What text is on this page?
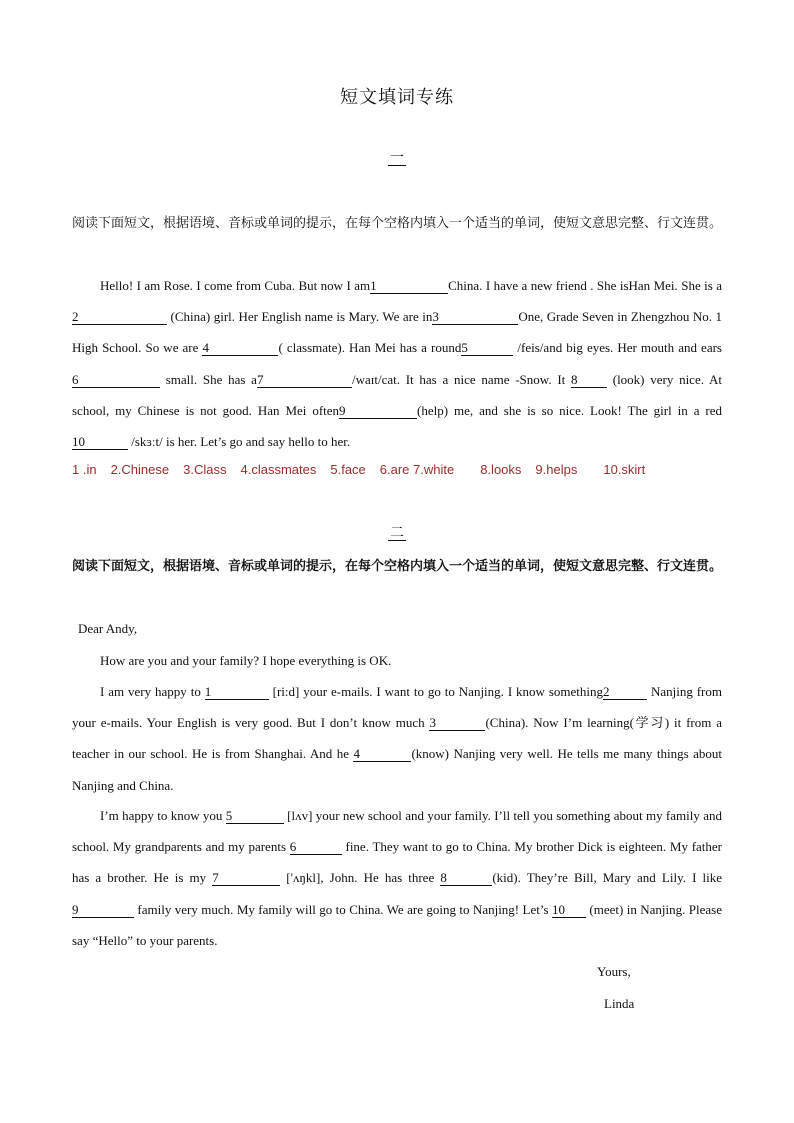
短文填词专练
一
阅读下面短文，根据语境、音标或单词的提示，在每个空格内填入一个适当的单词，使短文意思完整、行文连贯。
Hello! I am Rose. I come from Cuba. But now I am1	China. I have a new friend . She isHan Mei. She is a2	(China) girl. Her English name is Mary. We are in3	One, Grade Seven in Zhengzhou No. 1 High School. So we are 4	( classmate). Han Mei has a round5	/feis/and big eyes. Her mouth and ears 6	small. She has a7	/waɪt/cat. It has a nice name -Snow. It 8 (look) very nice. At school, my Chinese is not good. Han Mei often9	(help) me, and she is so nice. Look! The girl in a red10	/skɜːt/ is her. Let’s go and say hello to her.
1 .in 2.Chinese 3.Class 4.classmates 5.face 6.are 7.white 8.looks 9.helps 10.skirt
二
阅读下面短文，根据语境、音标或单词的提示，在每个空格内填入一个适当的单词，使短文意思完整、行文连贯。
Dear Andy,
How are you and your family? I hope everything is OK.
I am very happy to 1	[ri:d] your e-mails. I want to go to Nanjing. I know something2	Nanjing from your e-mails. Your English is very good. But I don’t know much 3	(China). Now I’m learning(学习) it from a teacher in our school. He is from Shanghai. And he 4	(know) Nanjing very well. He tells me many things about Nanjing and China.
I’m happy to know you 5	[lʌv] your new school and your family. I’ll tell you something about my family and school. My grandparents and my parents 6	fine. They want to go to China. My brother Dick is eighteen. My father has a brother. He is my 7	['ʌŋkl], John. He has three 8	(kid). They’re Bill, Mary and Lily. I like9	family very much. My family will go to China. We are going to Nanjing! Let’s 10 (meet) in Nanjing. Please say “Hello” to your parents.
Yours,
Linda
